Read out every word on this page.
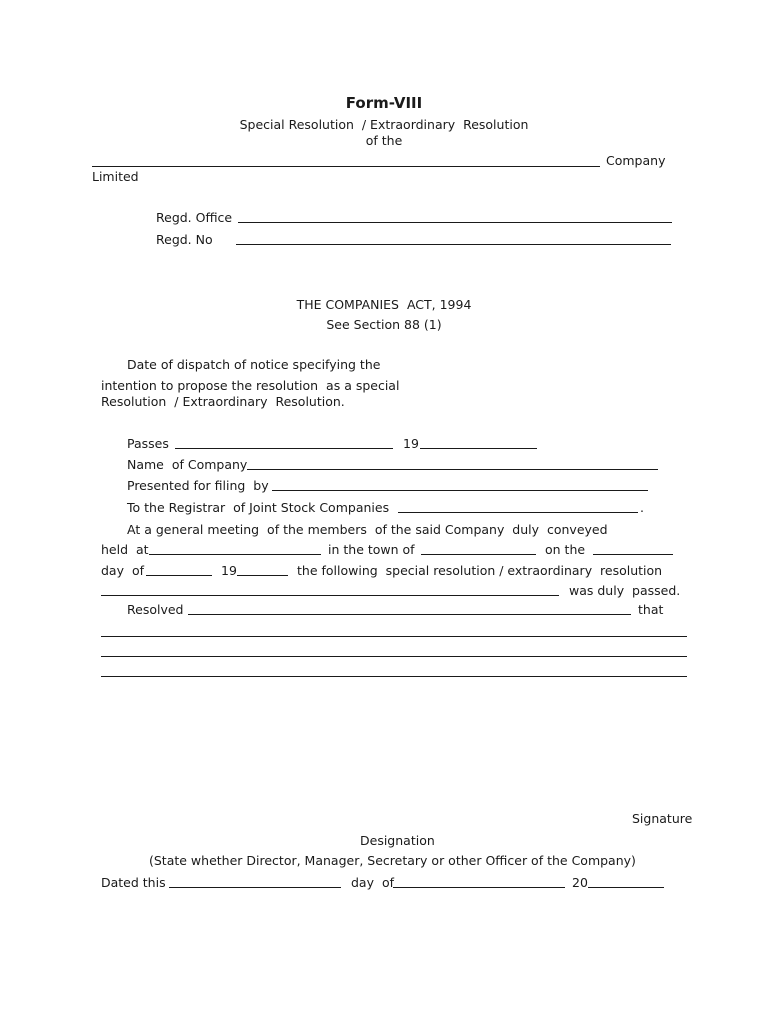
Form-VIII
Special Resolution  / Extraordinary  Resolution
of the
Company
Limited
Regd. Office
Regd. No
THE COMPANIES  ACT, 1994
See Section 88 (1)
Date of dispatch of notice specifying the
intention to propose the resolution  as a special
Resolution  / Extraordinary  Resolution.
Passes	19
Name  of Company
Presented for filing  by
To the Registrar  of Joint Stock Companies	.
At a general meeting  of the members  of the said Company  duly  conveyed
held  at	in the town of	on the
day  of	19	the following  special resolution / extraordinary  resolution
was duly  passed.
Resolved	that
Signature
Designation
(State whether Director, Manager, Secretary or other Officer of the Company)
Dated this	day  of	20
